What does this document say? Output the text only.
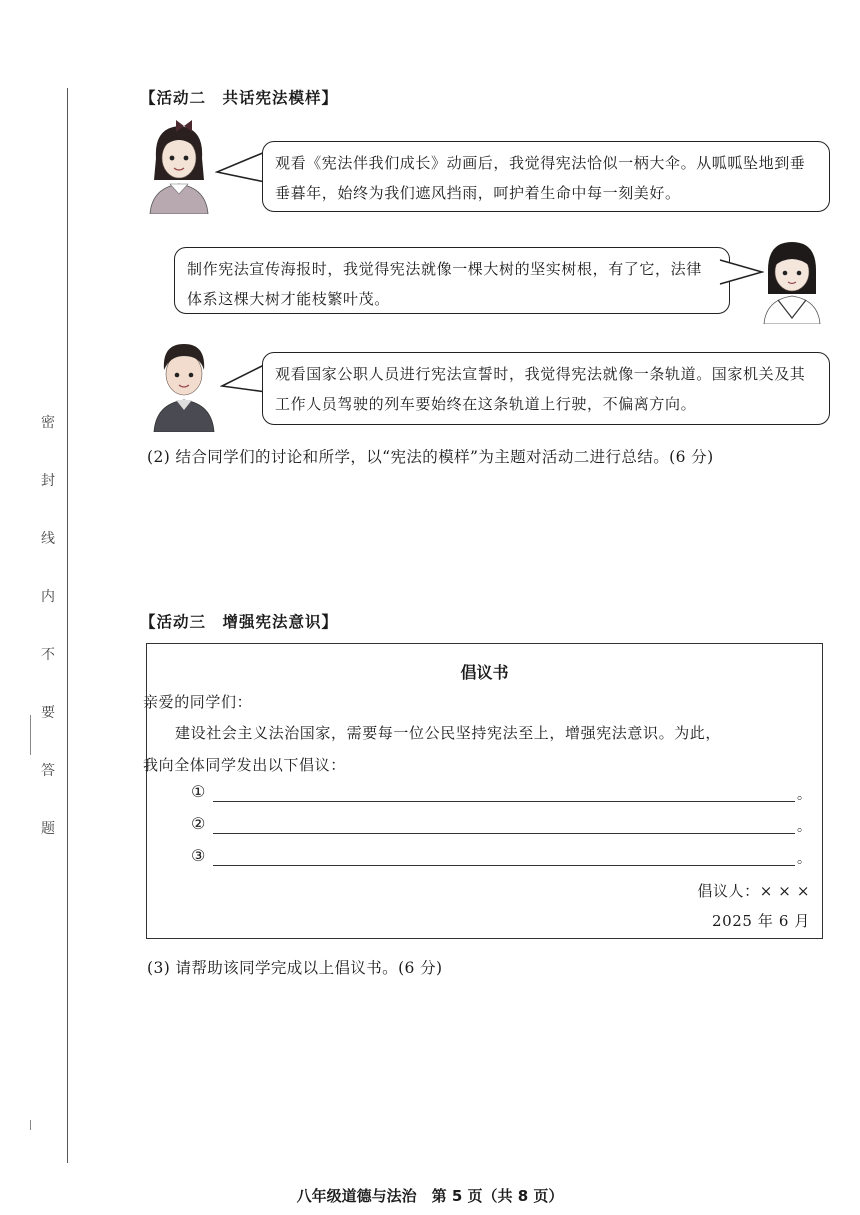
密
封
线
内
不
要
答
题
【活动二　共话宪法模样】
观看《宪法伴我们成长》动画后，我觉得宪法恰似一柄大伞。从呱呱坠地到垂垂暮年，始终为我们遮风挡雨，呵护着生命中每一刻美好。
制作宪法宣传海报时，我觉得宪法就像一棵大树的坚实树根，有了它，法律体系这棵大树才能枝繁叶茂。
观看国家公职人员进行宪法宣誓时，我觉得宪法就像一条轨道。国家机关及其工作人员驾驶的列车要始终在这条轨道上行驶，不偏离方向。
(2) 结合同学们的讨论和所学，以“宪法的模样”为主题对活动二进行总结。(6 分)
【活动三　增强宪法意识】
倡议书
亲爱的同学们：
建设社会主义法治国家，需要每一位公民坚持宪法至上，增强宪法意识。为此，
我向全体同学发出以下倡议：
①	。
②	。
③	。
倡议人：× × ×
2025 年 6 月
(3) 请帮助该同学完成以上倡议书。(6 分)
八年级道德与法治　第 5 页（共 8 页）
